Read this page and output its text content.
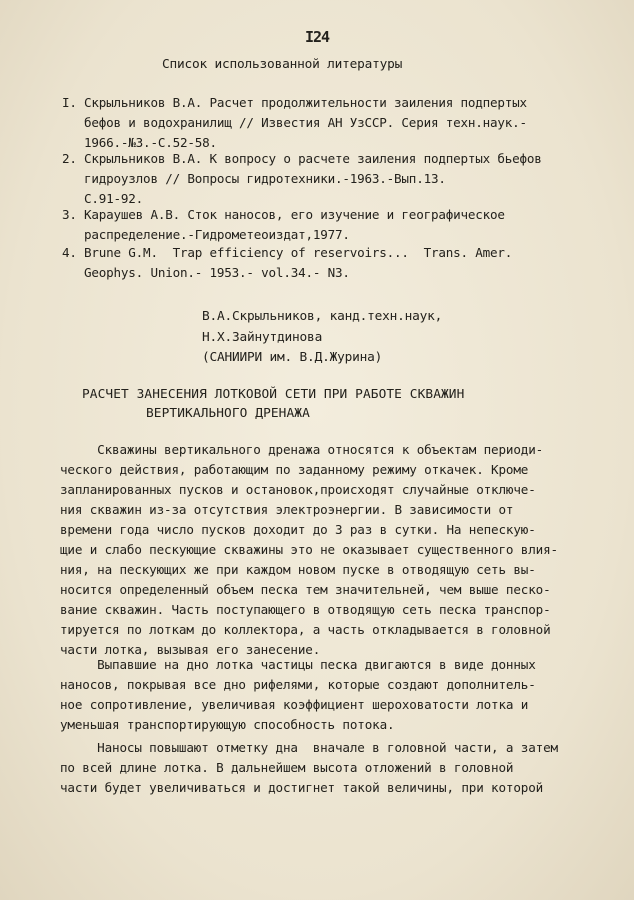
I24
Список использованной литературы
I. Скрыльников В.А. Расчет продолжительности заиления подпертых
бефов и водохранилищ // Известия АН УзССР. Серия техн.наук.-
1966.-№3.-С.52-58.
2. Скрыльников В.А. К вопросу о расчете заиления подпертых бьефов
гидроузлов // Вопросы гидротехники.-1963.-Вып.13.
С.91-92.
3. Караушев А.В. Сток наносов, его изучение и географическое
распределение.-Гидрометеоиздат,1977.
4. Brune G.M.  Trap efficiency of reservoirs...  Trans. Amer.
Geophys. Union.- 1953.- vol.34.- N3.
В.А.Скрыльников, канд.техн.наук,
Н.Х.Зайнутдинова
(САНИИРИ им. В.Д.Журина)
РАСЧЕТ ЗАНЕСЕНИЯ ЛОТКОВОЙ СЕТИ ПРИ РАБОТЕ СКВАЖИН
ВЕРТИКАЛЬНОГО ДРЕНАЖА
Скважины вертикального дренажа относятся к объектам периоди-
ческого действия, работающим по заданному режиму откачек. Кроме
запланированных пусков и остановок,происходят случайные отключе-
ния скважин из-за отсутствия электроэнергии. В зависимости от
времени года число пусков доходит до 3 раз в сутки. На непескую-
щие и слабо пескующие скважины это не оказывает существенного влия-
ния, на пескующих же при каждом новом пуске в отводящую сеть вы-
носится определенный объем песка тем значительней, чем выше песко-
вание скважин. Часть поступающего в отводящую сеть песка транспор-
тируется по лоткам до коллектора, а часть откладывается в головной
части лотка, вызывая его занесение.
Выпавшие на дно лотка частицы песка двигаются в виде донных
наносов, покрывая все дно рифелями, которые создают дополнитель-
ное сопротивление, увеличивая коэффициент шероховатости лотка и
уменьшая транспортирующую способность потока.
Наносы повышают отметку дна  вначале в головной части, а затем
по всей длине лотка. В дальнейшем высота отложений в головной
части будет увеличиваться и достигнет такой величины, при которой
